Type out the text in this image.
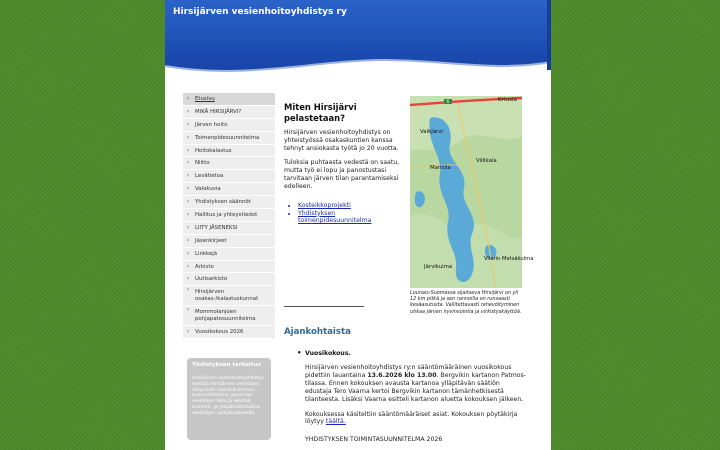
Hirsijärven vesienhoitoyhdistys ry
› Etusivu
› MIKÄ HIRSIJÄRVI?
› Järven hoito
› Toimenpidesuunnitelma
› Hoitokalastus
› Niitto
› Levätietoa
› Valokuvia
› Yhdistyksen säännöt
› Hallitus ja yhteystiedot
› LIITY JÄSENEKSI
› Jäsenkirjeet
› Linkkejä
› Arkisto
› Uutisarkisto
› Hirsijärven osakas-/kalastuskunnat
› Mommolanjoen pohjapatosuunnitelma
› Vuosikokous 2026
Yhdistyksen tarkoitus
Hirsijärven vesienhoitoyhdistys edistää Hirsijärven vesistöjen säilymistä mahdollisimman luonnontilaisina, parantaa vesistöjen tilaa ja edistää luonnon- ja ympäristönhoitoa vesistöjen vaikutusalueella.
Miten Hirsijärvi pelastetaan?

Hirsijärven vesienhoitoyhdistys on yhteistyössä osakaskuntien kanssa tehnyt ansiokasta työtä jo 20 vuotta.

Tuloksia puhtaasta vedestä on saatu, mutta työ ei lopu ja panostustasi tarvitaan järven tilan parantamiseksi edelleen.

• Kosteikkoprojekti
• Yhdistyksen toimenpidesuunnitelma
6	Kriusia
Valkjärvi
Marttila
Villikala
Järvikuima
Vilarin Metsäkulma
Lounais-Suomessa sijaitseva Hirsijärvi on yli 12 km pitkä ja sen rannoilla on runsaasti kesäasutusta. Vallitettavasti rehevöityminen uhkaa järven hyvinvointia ja virkistyskäyttöä.
Ajankohtaista
• Vuosikokous.

Hirsijärven vesienhoitoyhdistys ry:n sääntömääräinen vuosikokous pidettiin lauantaina 13.6.2026 klo 13.00. Bergvikin kartanon Patmos-tilassa. Ennen kokouksen avausta kartanoa ylläpitävän säätiön edustaja Tero Vaarna kertoi Bergvikin kartanon tämänhetkisestä tilanteesta. Lisäksi Vaarna esitteli kartanon aluetta kokouksen jälkeen.

Kokouksessa käsiteltiin sääntömääräiset asiat. Kokouksen pöytäkirja löytyy täältä.

YHDISTYKSEN TOIMINTASUUNNITELMA 2026
